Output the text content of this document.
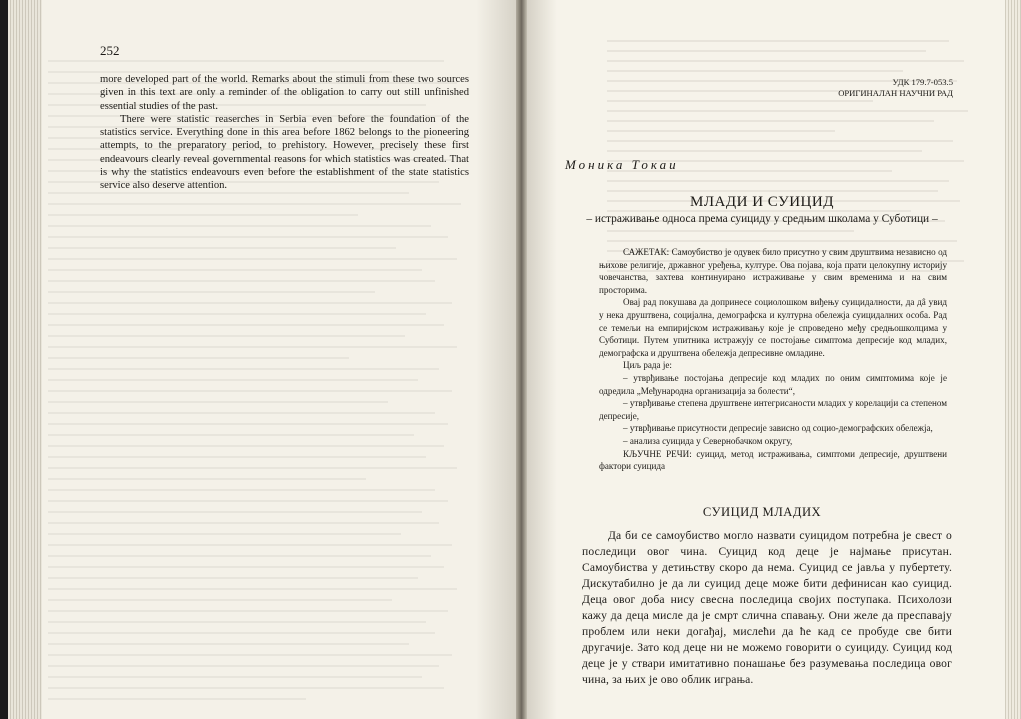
252

more developed part of the world. Remarks about the stimuli from these two sources given in this text are only a reminder of the obligation to carry out still unfinished essential studies of the past.

There were statistic reaserches in Serbia even before the foundation of the statistics service. Everything done in this area before 1862 belongs to the pioneering attempts, to the preparatory period, to prehistory. However, precisely these first endeavours clearly reveal governmental reasons for which statistics was created. That is why the statistics endeavours even before the establishment of the state statistics service also deserve attention.

УДК 179.7-053.5
ОРИГИНАЛАН НАУЧНИ РАД
Моника Токаи
МЛАДИ И СУИЦИД
– истраживање односа према суициду у средњим школама у Суботици –

САЖЕТАК: Самоубиство је одувек било присутно у свим друштвима независно од њихове религије, државног уређења, културе. Ова појава, која прати целокупну историју човечанства, захтева континуирано истраживање у свим временима и на свим просторима.

Овај рад покушава да допринесе социолошком виђењу суицидалности, да дâ увид у нека друштвена, социјална, демографска и културна обележја суицидалних особа. Рад се темељи на емпиријском истраживању које је спроведено међу средњошколцима у Суботици. Путем упитника истражују се постојање симптома депресије код младих, демографска и друштвена обележја депресивне омладине.

Циљ рада је:

– утврђивање постојања депресије код младих по оним симптомима које је одредила „Међународна организација за болести“,

– утврђивање степена друштвене интегрисаности младих у корелацији са степеном депресије,

– утврђивање присутности депресије зависно од социо-демографских обележја,

– анализа суицида у Севернобачком округу,

КЉУЧНЕ РЕЧИ: суицид, метод истраживања, симптоми депресије, друштвени фактори суицида

СУИЦИД МЛАДИХ

Да би се самоубиство могло назвати суицидом потребна је свест о последици овог чина. Суицид код деце је најмање присутан. Самоубиства у детињству скоро да нема. Суицид се јавља у пубертету. Дискутабилно је да ли суицид деце може бити дефинисан као суицид. Деца овог доба нису свесна последица својих поступака. Психолози кажу да деца мисле да је смрт слична спавању. Они желе да преспавају проблем или неки догађај, мислећи да ће кад се пробуде све бити другачије. Зато код деце ни не можемо говорити о суициду. Суицид код деце је у ствари имитативно понашање без разумевања последица овог чина, за њих је ово облик играња.
